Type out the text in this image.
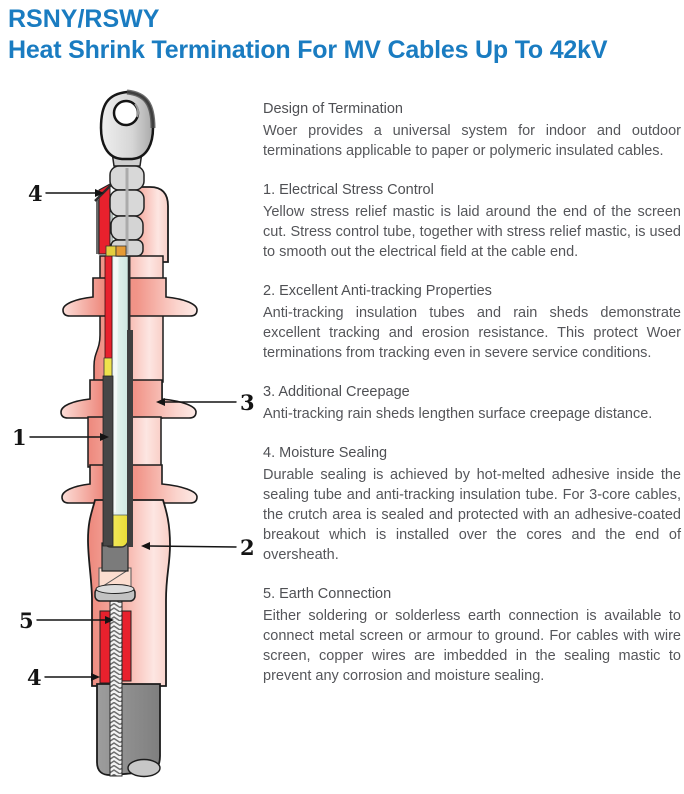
RSNY/RSWY
Heat Shrink Termination For MV Cables Up To 42kV
4
3
1
2
5
4
Design of Termination

Woer provides a universal system for indoor and outdoor terminations applicable to paper or polymeric insulated cables.

1. Electrical Stress Control

Yellow stress relief mastic is laid around the end of the screen cut. Stress control tube, together with stress relief mastic, is used to smooth out the electrical field at the cable end.

2. Excellent Anti-tracking Properties

Anti-tracking insulation tubes and rain sheds demonstrate excellent tracking and erosion resistance. This protect Woer terminations from tracking even in severe service conditions.

3. Additional Creepage

Anti-tracking rain sheds lengthen surface creepage distance.

4. Moisture Sealing

Durable sealing is achieved by hot-melted adhesive inside the sealing tube and anti-tracking insulation tube. For 3-core cables, the crutch area is sealed and protected with an adhesive-coated breakout which is installed over the cores and the end of oversheath.

5. Earth Connection

Either soldering or solderless earth connection is available to connect metal screen or armour to ground. For cables with wire screen, copper wires are imbedded in the sealing mastic to prevent any corrosion and moisture sealing.
